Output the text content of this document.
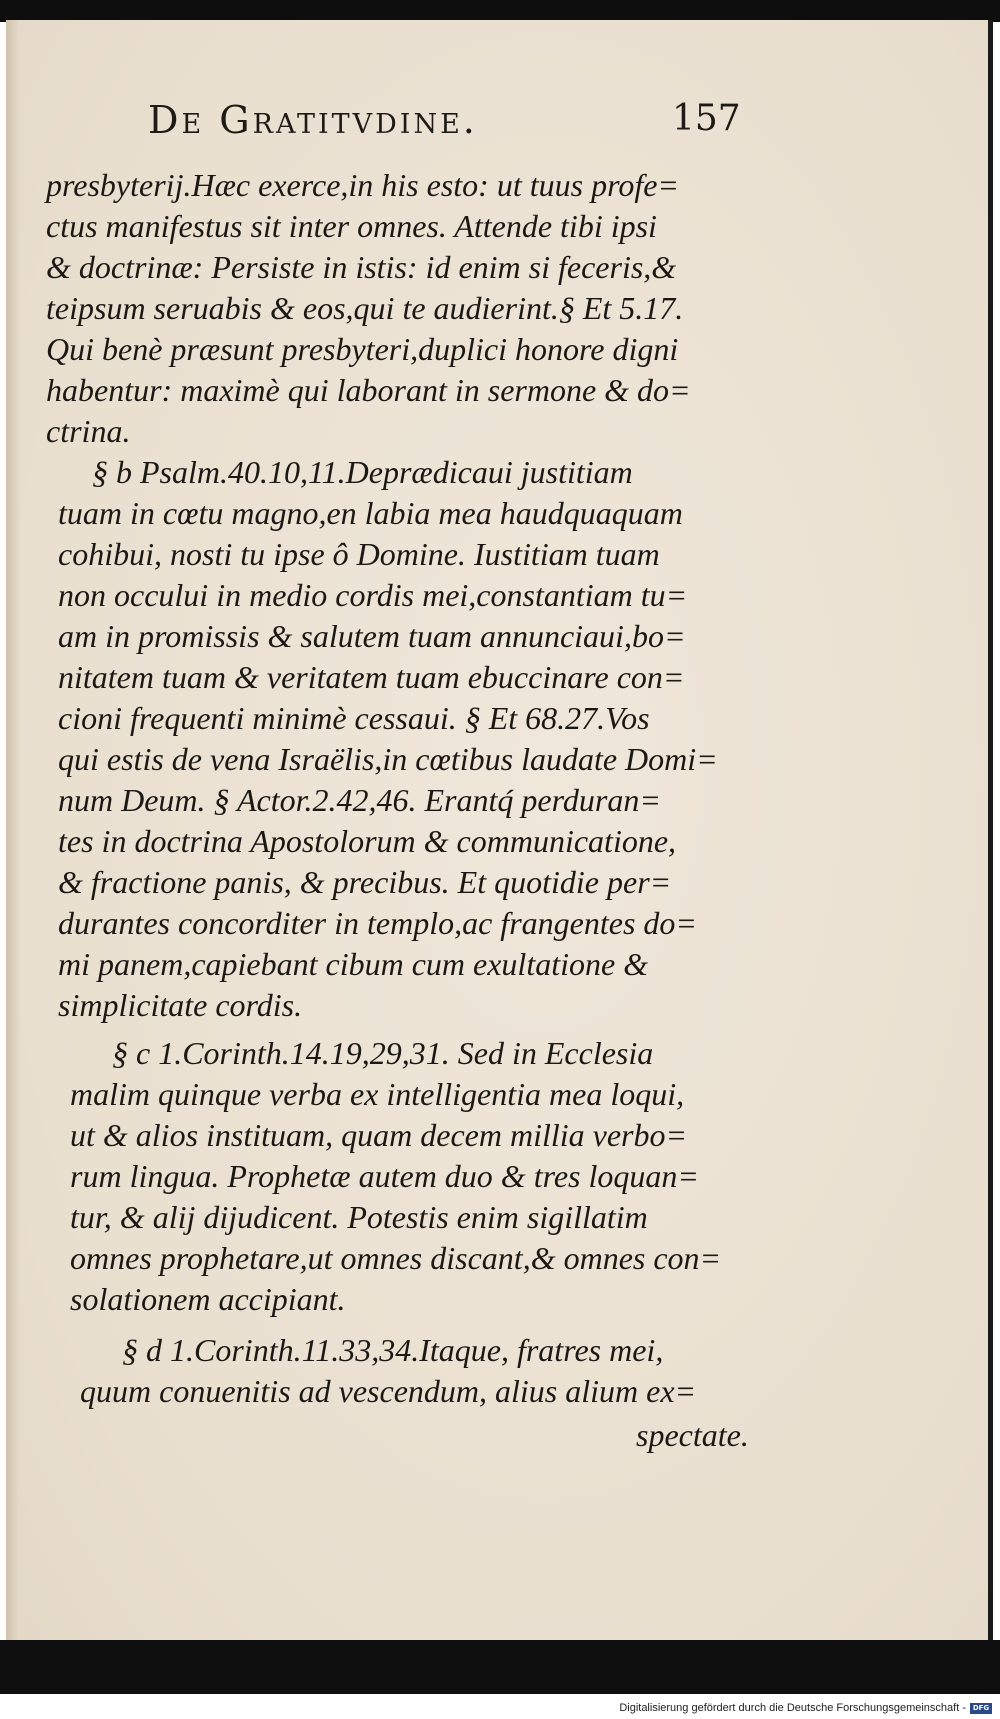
De Gratitvdine.	157
presbyterij.Hæc exerce,in his esto: ut tuus profe=
ctus manifestus sit inter omnes. Attende tibi ipsi
& doctrinæ: Persiste in istis: id enim si feceris,&
teipsum seruabis & eos,qui te audierint.§ Et 5.17.
Qui benè præsunt presbyteri,duplici honore digni
habentur: maximè qui laborant in sermone & do=
ctrina.
§ b Psalm.40.10,11.Deprædicaui justitiam
tuam in cœtu magno,en labia mea haudquaquam
cohibui, nosti tu ipse ô Domine. Iustitiam tuam
non occului in medio cordis mei,constantiam tu=
am in promissis & salutem tuam annunciaui,bo=
nitatem tuam & veritatem tuam ebuccinare con=
cioni frequenti minimè cessaui. § Et 68.27.Vos
qui estis de vena Israëlis,in cœtibus laudate Domi=
num Deum. § Actor.2.42,46. Erantq́ perduran=
tes in doctrina Apostolorum & communicatione,
& fractione panis, & precibus. Et quotidie per=
durantes concorditer in templo,ac frangentes do=
mi panem,capiebant cibum cum exultatione &
simplicitate cordis.
§ c 1.Corinth.14.19,29,31. Sed in Ecclesia
malim quinque verba ex intelligentia mea loqui,
ut & alios instituam, quam decem millia verbo=
rum lingua. Prophetæ autem duo & tres loquan=
tur, & alij dijudicent. Potestis enim sigillatim
omnes prophetare,ut omnes discant,& omnes con=
solationem accipiant.
§ d 1.Corinth.11.33,34.Itaque, fratres mei,
quum conuenitis ad vescendum, alius alium ex=
spectate.
Digitalisierung gefördert durch die Deutsche Forschungsgemeinschaft - DFG
